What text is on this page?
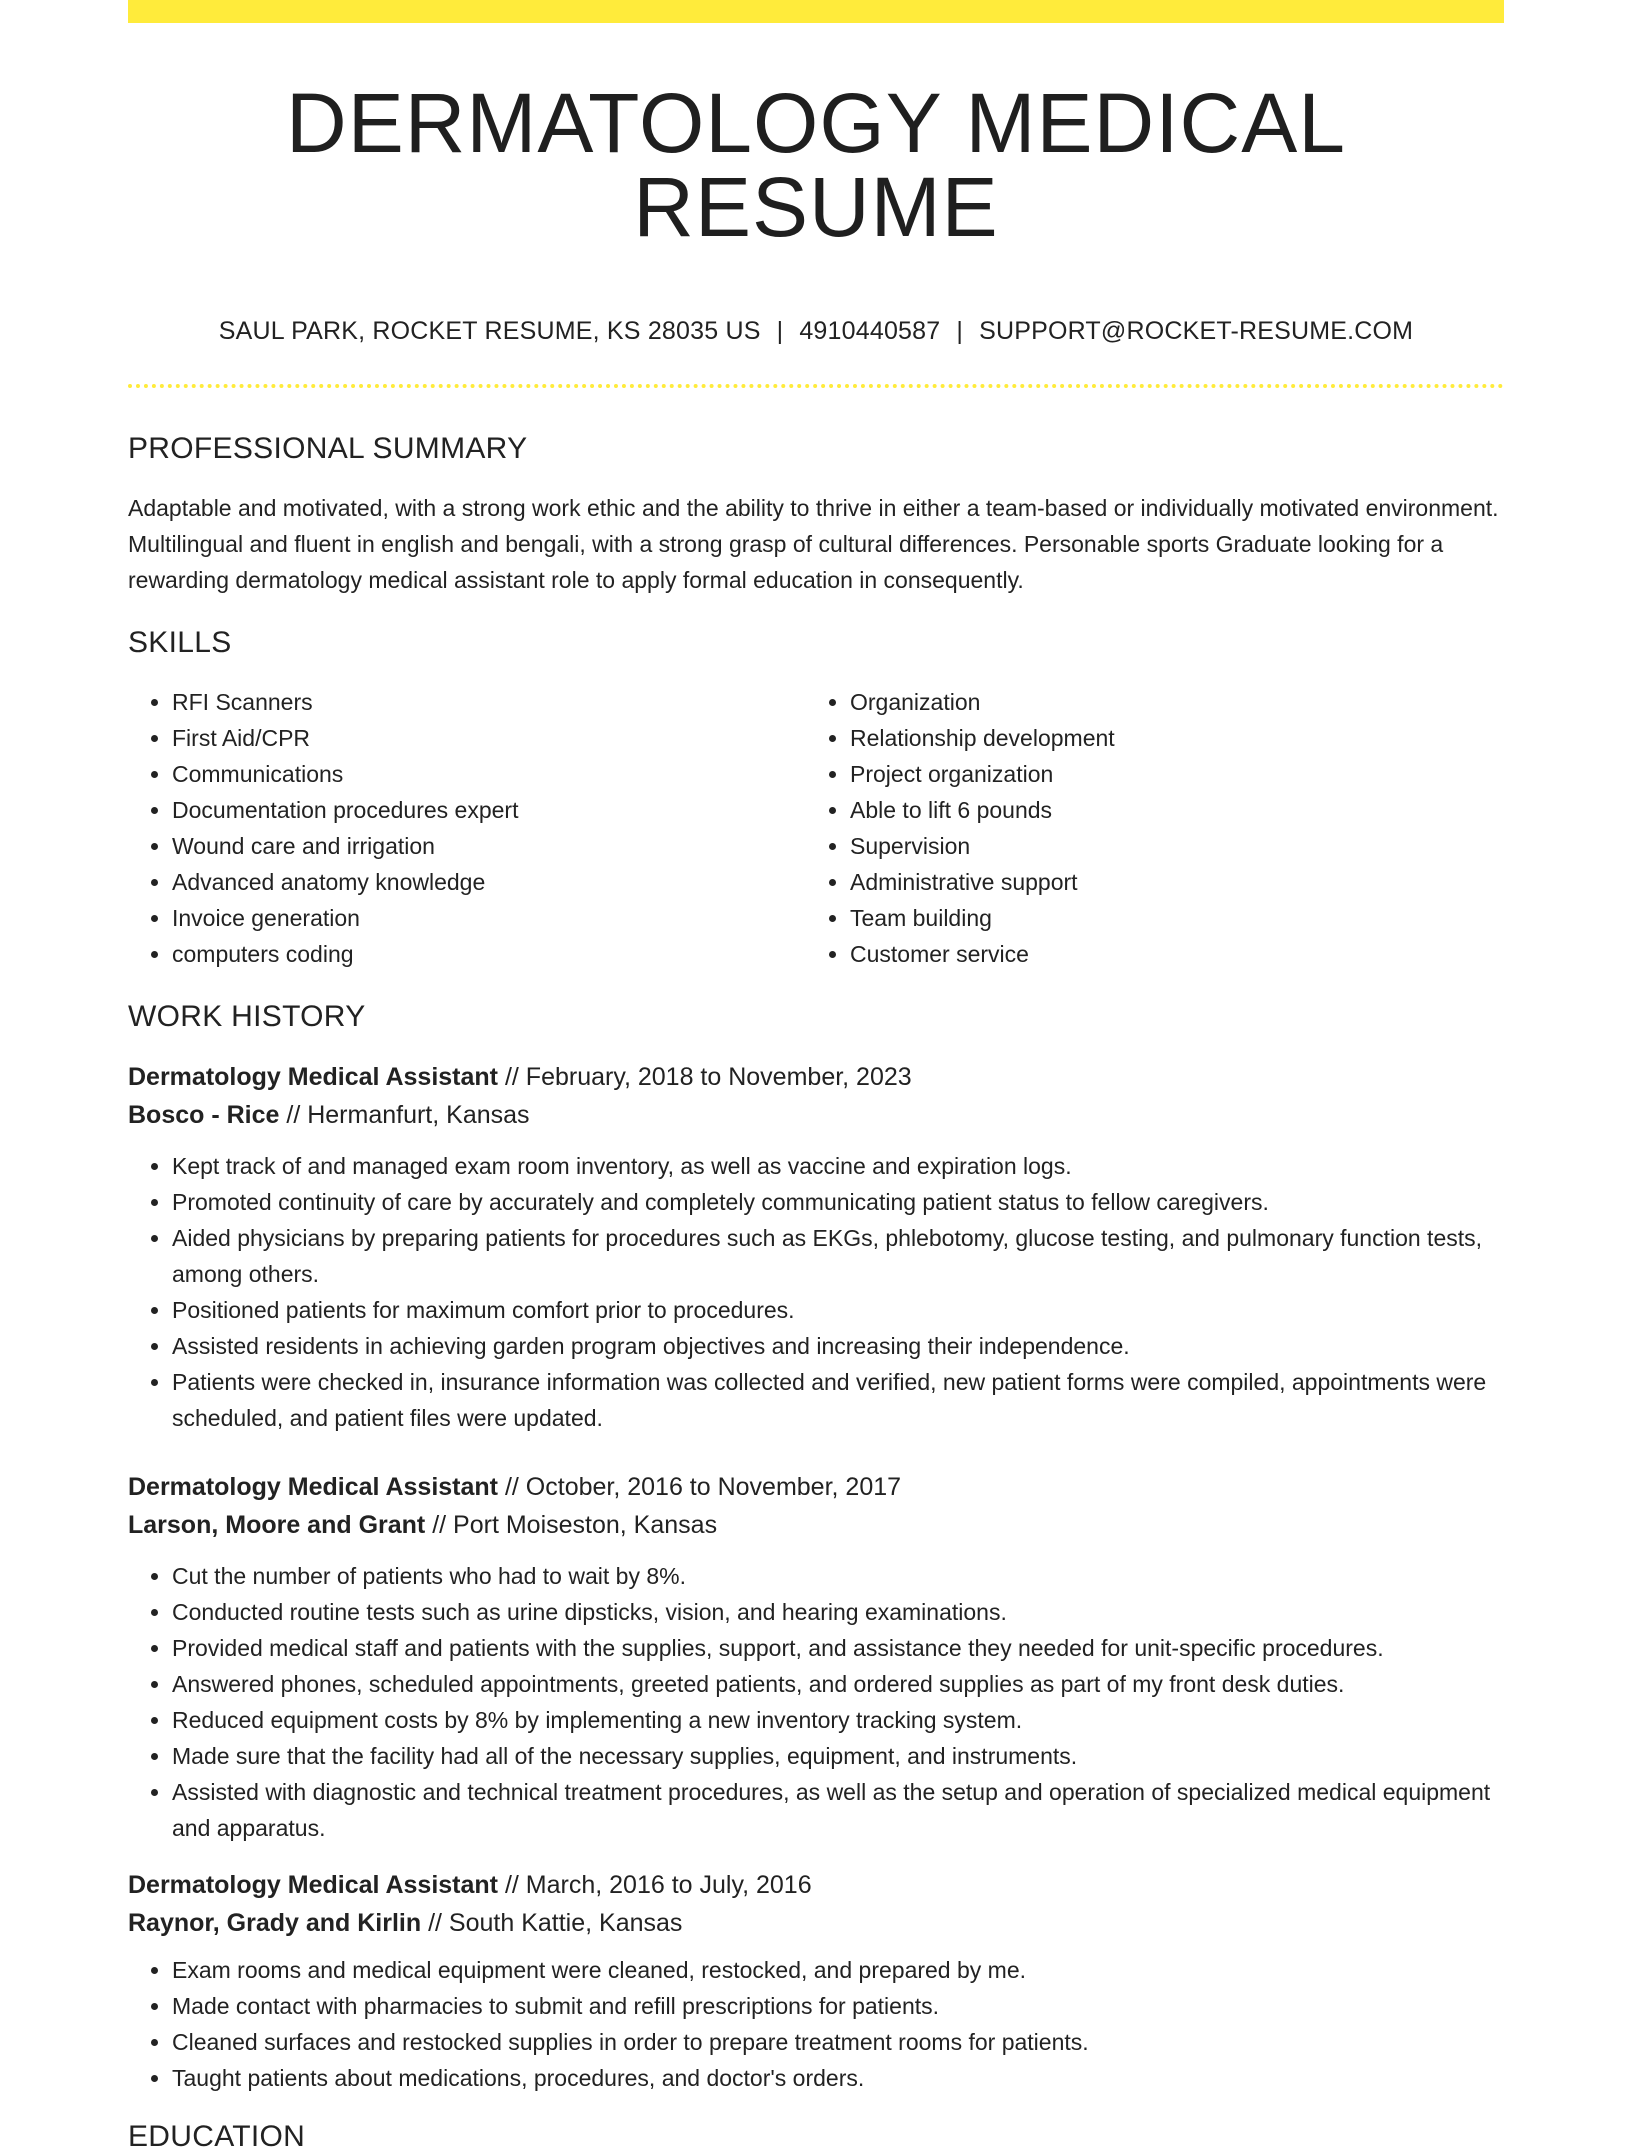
DERMATOLOGY MEDICAL RESUME
SAUL PARK, ROCKET RESUME, KS 28035 US | 4910440587 | SUPPORT@ROCKET-RESUME.COM
PROFESSIONAL SUMMARY

Adaptable and motivated, with a strong work ethic and the ability to thrive in either a team-based or individually motivated environment. Multilingual and fluent in english and bengali, with a strong grasp of cultural differences. Personable sports Graduate looking for a rewarding dermatology medical assistant role to apply formal education in consequently.

SKILLS
• RFI Scanners
• First Aid/CPR
• Communications
• Documentation procedures expert
• Wound care and irrigation
• Advanced anatomy knowledge
• Invoice generation
• computers coding
• Organization
• Relationship development
• Project organization
• Able to lift 6 pounds
• Supervision
• Administrative support
• Team building
• Customer service
WORK HISTORY
Dermatology Medical Assistant // February, 2018 to November, 2023
Bosco - Rice // Hermanfurt, Kansas
• Kept track of and managed exam room inventory, as well as vaccine and expiration logs.
• Promoted continuity of care by accurately and completely communicating patient status to fellow caregivers.
• Aided physicians by preparing patients for procedures such as EKGs, phlebotomy, glucose testing, and pulmonary function tests, among others.
• Positioned patients for maximum comfort prior to procedures.
• Assisted residents in achieving garden program objectives and increasing their independence.
• Patients were checked in, insurance information was collected and verified, new patient forms were compiled, appointments were scheduled, and patient files were updated.
Dermatology Medical Assistant // October, 2016 to November, 2017
Larson, Moore and Grant // Port Moiseston, Kansas
• Cut the number of patients who had to wait by 8%.
• Conducted routine tests such as urine dipsticks, vision, and hearing examinations.
• Provided medical staff and patients with the supplies, support, and assistance they needed for unit-specific procedures.
• Answered phones, scheduled appointments, greeted patients, and ordered supplies as part of my front desk duties.
• Reduced equipment costs by 8% by implementing a new inventory tracking system.
• Made sure that the facility had all of the necessary supplies, equipment, and instruments.
• Assisted with diagnostic and technical treatment procedures, as well as the setup and operation of specialized medical equipment and apparatus.
Dermatology Medical Assistant // March, 2016 to July, 2016
Raynor, Grady and Kirlin // South Kattie, Kansas
• Exam rooms and medical equipment were cleaned, restocked, and prepared by me.
• Made contact with pharmacies to submit and refill prescriptions for patients.
• Cleaned surfaces and restocked supplies in order to prepare treatment rooms for patients.
• Taught patients about medications, procedures, and doctor's orders.
EDUCATION
